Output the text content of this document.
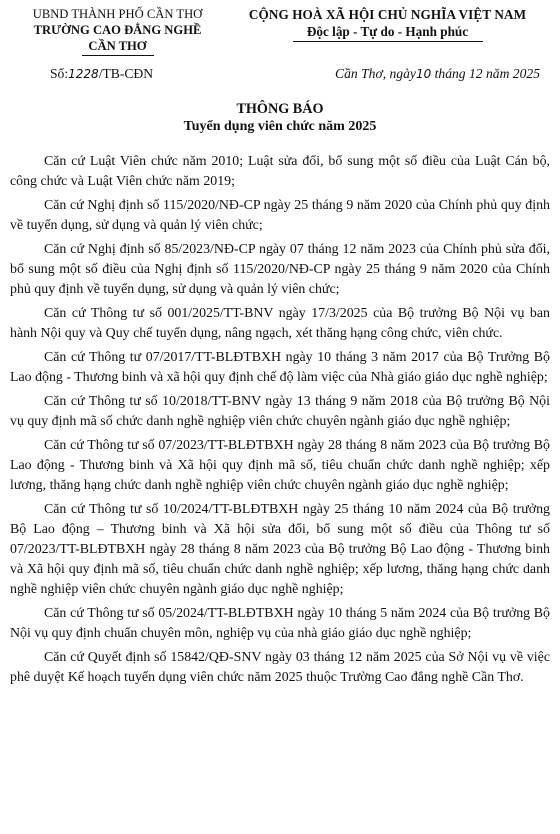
UBND THÀNH PHỐ CẦN THƠ
TRƯỜNG CAO ĐẲNG NGHỀ
CẦN THƠ
CỘNG HOÀ XÃ HỘI CHỦ NGHĨA VIỆT NAM
Độc lập - Tự do - Hạnh phúc
Số:1228/TB-CĐN	Cần Thơ, ngày10 tháng 12 năm 2025
THÔNG BÁO
Tuyển dụng viên chức năm 2025

Căn cứ Luật Viên chức năm 2010; Luật sửa đổi, bổ sung một số điều của Luật Cán bộ, công chức và Luật Viên chức năm 2019;

Căn cứ Nghị định số 115/2020/NĐ-CP ngày 25 tháng 9 năm 2020 của Chính phủ quy định về tuyển dụng, sử dụng và quản lý viên chức;

Căn cứ Nghị định số 85/2023/NĐ-CP ngày 07 tháng 12 năm 2023 của Chính phủ sửa đổi, bổ sung một số điều của Nghị định số 115/2020/NĐ-CP ngày 25 tháng 9 năm 2020 của Chính phủ quy định về tuyển dụng, sử dụng và quản lý viên chức;

Căn cứ Thông tư số 001/2025/TT-BNV ngày 17/3/2025 của Bộ trưởng Bộ Nội vụ ban hành Nội quy và Quy chế tuyển dụng, nâng ngạch, xét thăng hạng công chức, viên chức.

Căn cứ Thông tư 07/2017/TT-BLĐTBXH ngày 10 tháng 3 năm 2017 của Bộ Trưởng Bộ Lao động - Thương binh và xã hội quy định chế độ làm việc của Nhà giáo giáo dục nghề nghiệp;

Căn cứ Thông tư số 10/2018/TT-BNV ngày 13 tháng 9 năm 2018 của Bộ trưởng Bộ Nội vụ quy định mã số chức danh nghề nghiệp viên chức chuyên ngành giáo dục nghề nghiệp;

Căn cứ Thông tư số 07/2023/TT-BLĐTBXH ngày 28 tháng 8 năm 2023 của Bộ trưởng Bộ Lao động - Thương binh và Xã hội quy định mã số, tiêu chuẩn chức danh nghề nghiệp; xếp lương, thăng hạng chức danh nghề nghiệp viên chức chuyên ngành giáo dục nghề nghiệp;

Căn cứ Thông tư số 10/2024/TT-BLĐTBXH ngày 25 tháng 10 năm 2024 của Bộ trưởng Bộ Lao động – Thương binh và Xã hội sửa đổi, bổ sung một số điều của Thông tư số 07/2023/TT-BLĐTBXH ngày 28 tháng 8 năm 2023 của Bộ trưởng Bộ Lao động - Thương binh và Xã hội quy định mã số, tiêu chuẩn chức danh nghề nghiệp; xếp lương, thăng hạng chức danh nghề nghiệp viên chức chuyên ngành giáo dục nghề nghiệp;

Căn cứ Thông tư số 05/2024/TT-BLĐTBXH ngày 10 tháng 5 năm 2024 của Bộ trưởng Bộ Nội vụ quy định chuẩn chuyên môn, nghiệp vụ của nhà giáo giáo dục nghề nghiệp;

Căn cứ Quyết định số 15842/QĐ-SNV ngày 03 tháng 12 năm 2025 của Sở Nội vụ về việc phê duyệt Kế hoạch tuyển dụng viên chức năm 2025 thuộc Trường Cao đẳng nghề Cần Thơ.
